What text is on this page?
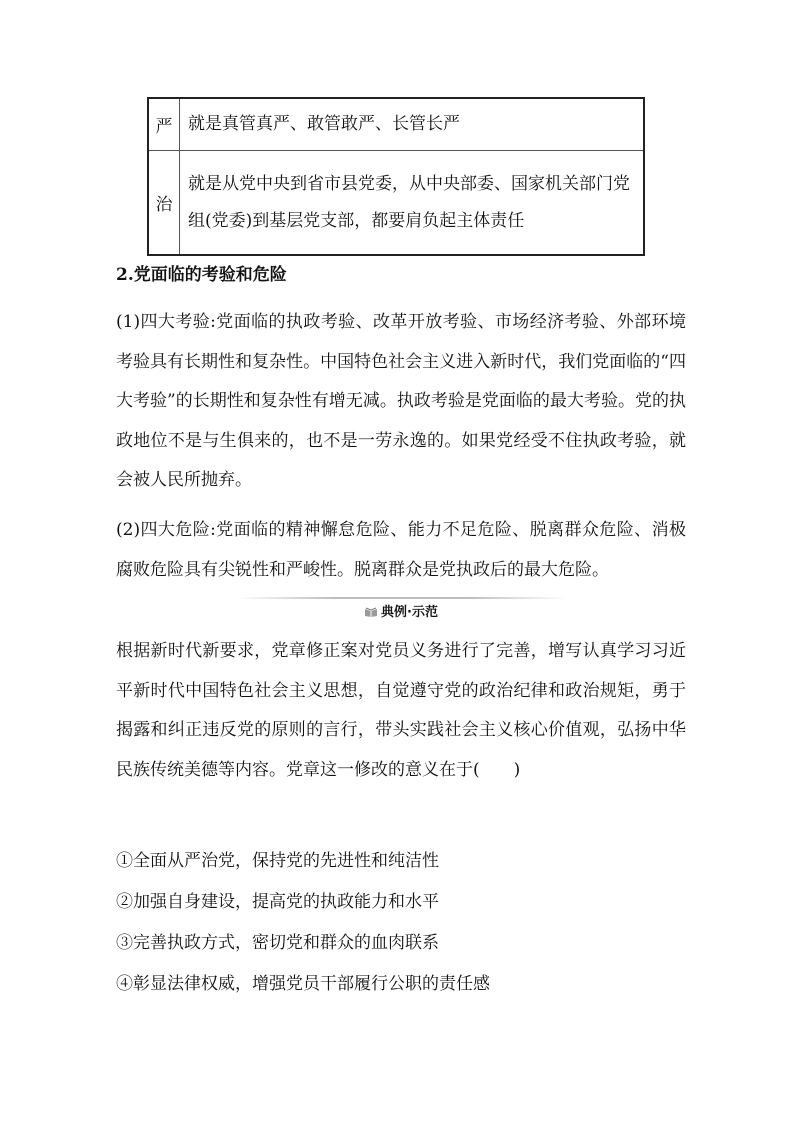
严	就是真管真严、敢管敢严、长管长严
治	就是从党中央到省市县党委，从中央部委、国家机关部门党组(党委)到基层党支部，都要肩负起主体责任
2.党面临的考验和危险
(1)四大考验:党面临的执政考验、改革开放考验、市场经济考验、外部环境考验具有长期性和复杂性。中国特色社会主义进入新时代，我们党面临的“四大考验”的长期性和复杂性有增无减。执政考验是党面临的最大考验。党的执政地位不是与生俱来的，也不是一劳永逸的。如果党经受不住执政考验，就会被人民所抛弃。
(2)四大危险:党面临的精神懈怠危险、能力不足危险、脱离群众危险、消极腐败危险具有尖锐性和严峻性。脱离群众是党执政后的最大危险。
典例·示范
根据新时代新要求，党章修正案对党员义务进行了完善，增写认真学习习近平新时代中国特色社会主义思想，自觉遵守党的政治纪律和政治规矩，勇于揭露和纠正违反党的原则的言行，带头实践社会主义核心价值观，弘扬中华民族传统美德等内容。党章这一修改的意义在于(　　)
①全面从严治党，保持党的先进性和纯洁性
②加强自身建设，提高党的执政能力和水平
③完善执政方式，密切党和群众的血肉联系
④彰显法律权威，增强党员干部履行公职的责任感
